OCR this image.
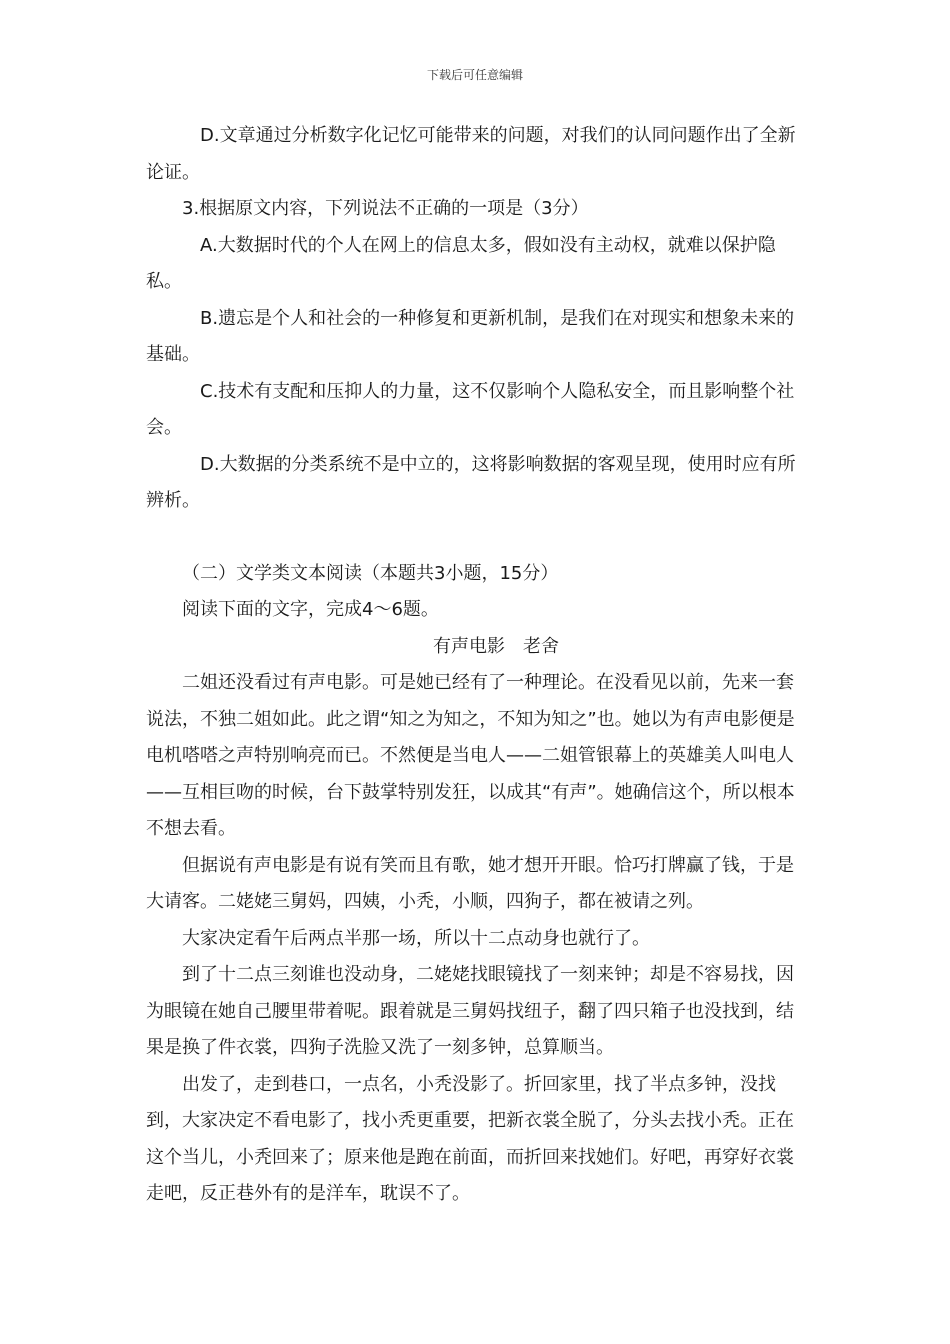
下载后可任意编辑

D.文章通过分析数字化记忆可能带来的问题，对我们的认同问题作出了全新论证。

3.根据原文内容，下列说法不正确的一项是（3分）

A.大数据时代的个人在网上的信息太多，假如没有主动权，就难以保护隐私。

B.遗忘是个人和社会的一种修复和更新机制，是我们在对现实和想象未来的基础。

C.技术有支配和压抑人的力量，这不仅影响个人隐私安全，而且影响整个社会。

D.大数据的分类系统不是中立的，这将影响数据的客观呈现，使用时应有所辨析。

（二）文学类文本阅读（本题共3小题，15分）

阅读下面的文字，完成4～6题。

有声电影　老舍

二姐还没看过有声电影。可是她已经有了一种理论。在没看见以前，先来一套说法，不独二姐如此。此之谓“知之为知之，不知为知之”也。她以为有声电影便是电机嗒嗒之声特别响亮而已。不然便是当电人——二姐管银幕上的英雄美人叫电人——互相巨吻的时候，台下鼓掌特别发狂，以成其“有声”。她确信这个，所以根本不想去看。

但据说有声电影是有说有笑而且有歌，她才想开开眼。恰巧打牌赢了钱，于是大请客。二姥姥三舅妈，四姨，小秃，小顺，四狗子，都在被请之列。

大家决定看午后两点半那一场，所以十二点动身也就行了。

到了十二点三刻谁也没动身，二姥姥找眼镜找了一刻来钟；却是不容易找，因为眼镜在她自己腰里带着呢。跟着就是三舅妈找纽子，翻了四只箱子也没找到，结果是换了件衣裳，四狗子洗脸又洗了一刻多钟，总算顺当。

出发了，走到巷口，一点名，小秃没影了。折回家里，找了半点多钟，没找到，大家决定不看电影了，找小秃更重要，把新衣裳全脱了，分头去找小秃。正在这个当儿，小秃回来了；原来他是跑在前面，而折回来找她们。好吧，再穿好衣裳走吧，反正巷外有的是洋车，耽误不了。
